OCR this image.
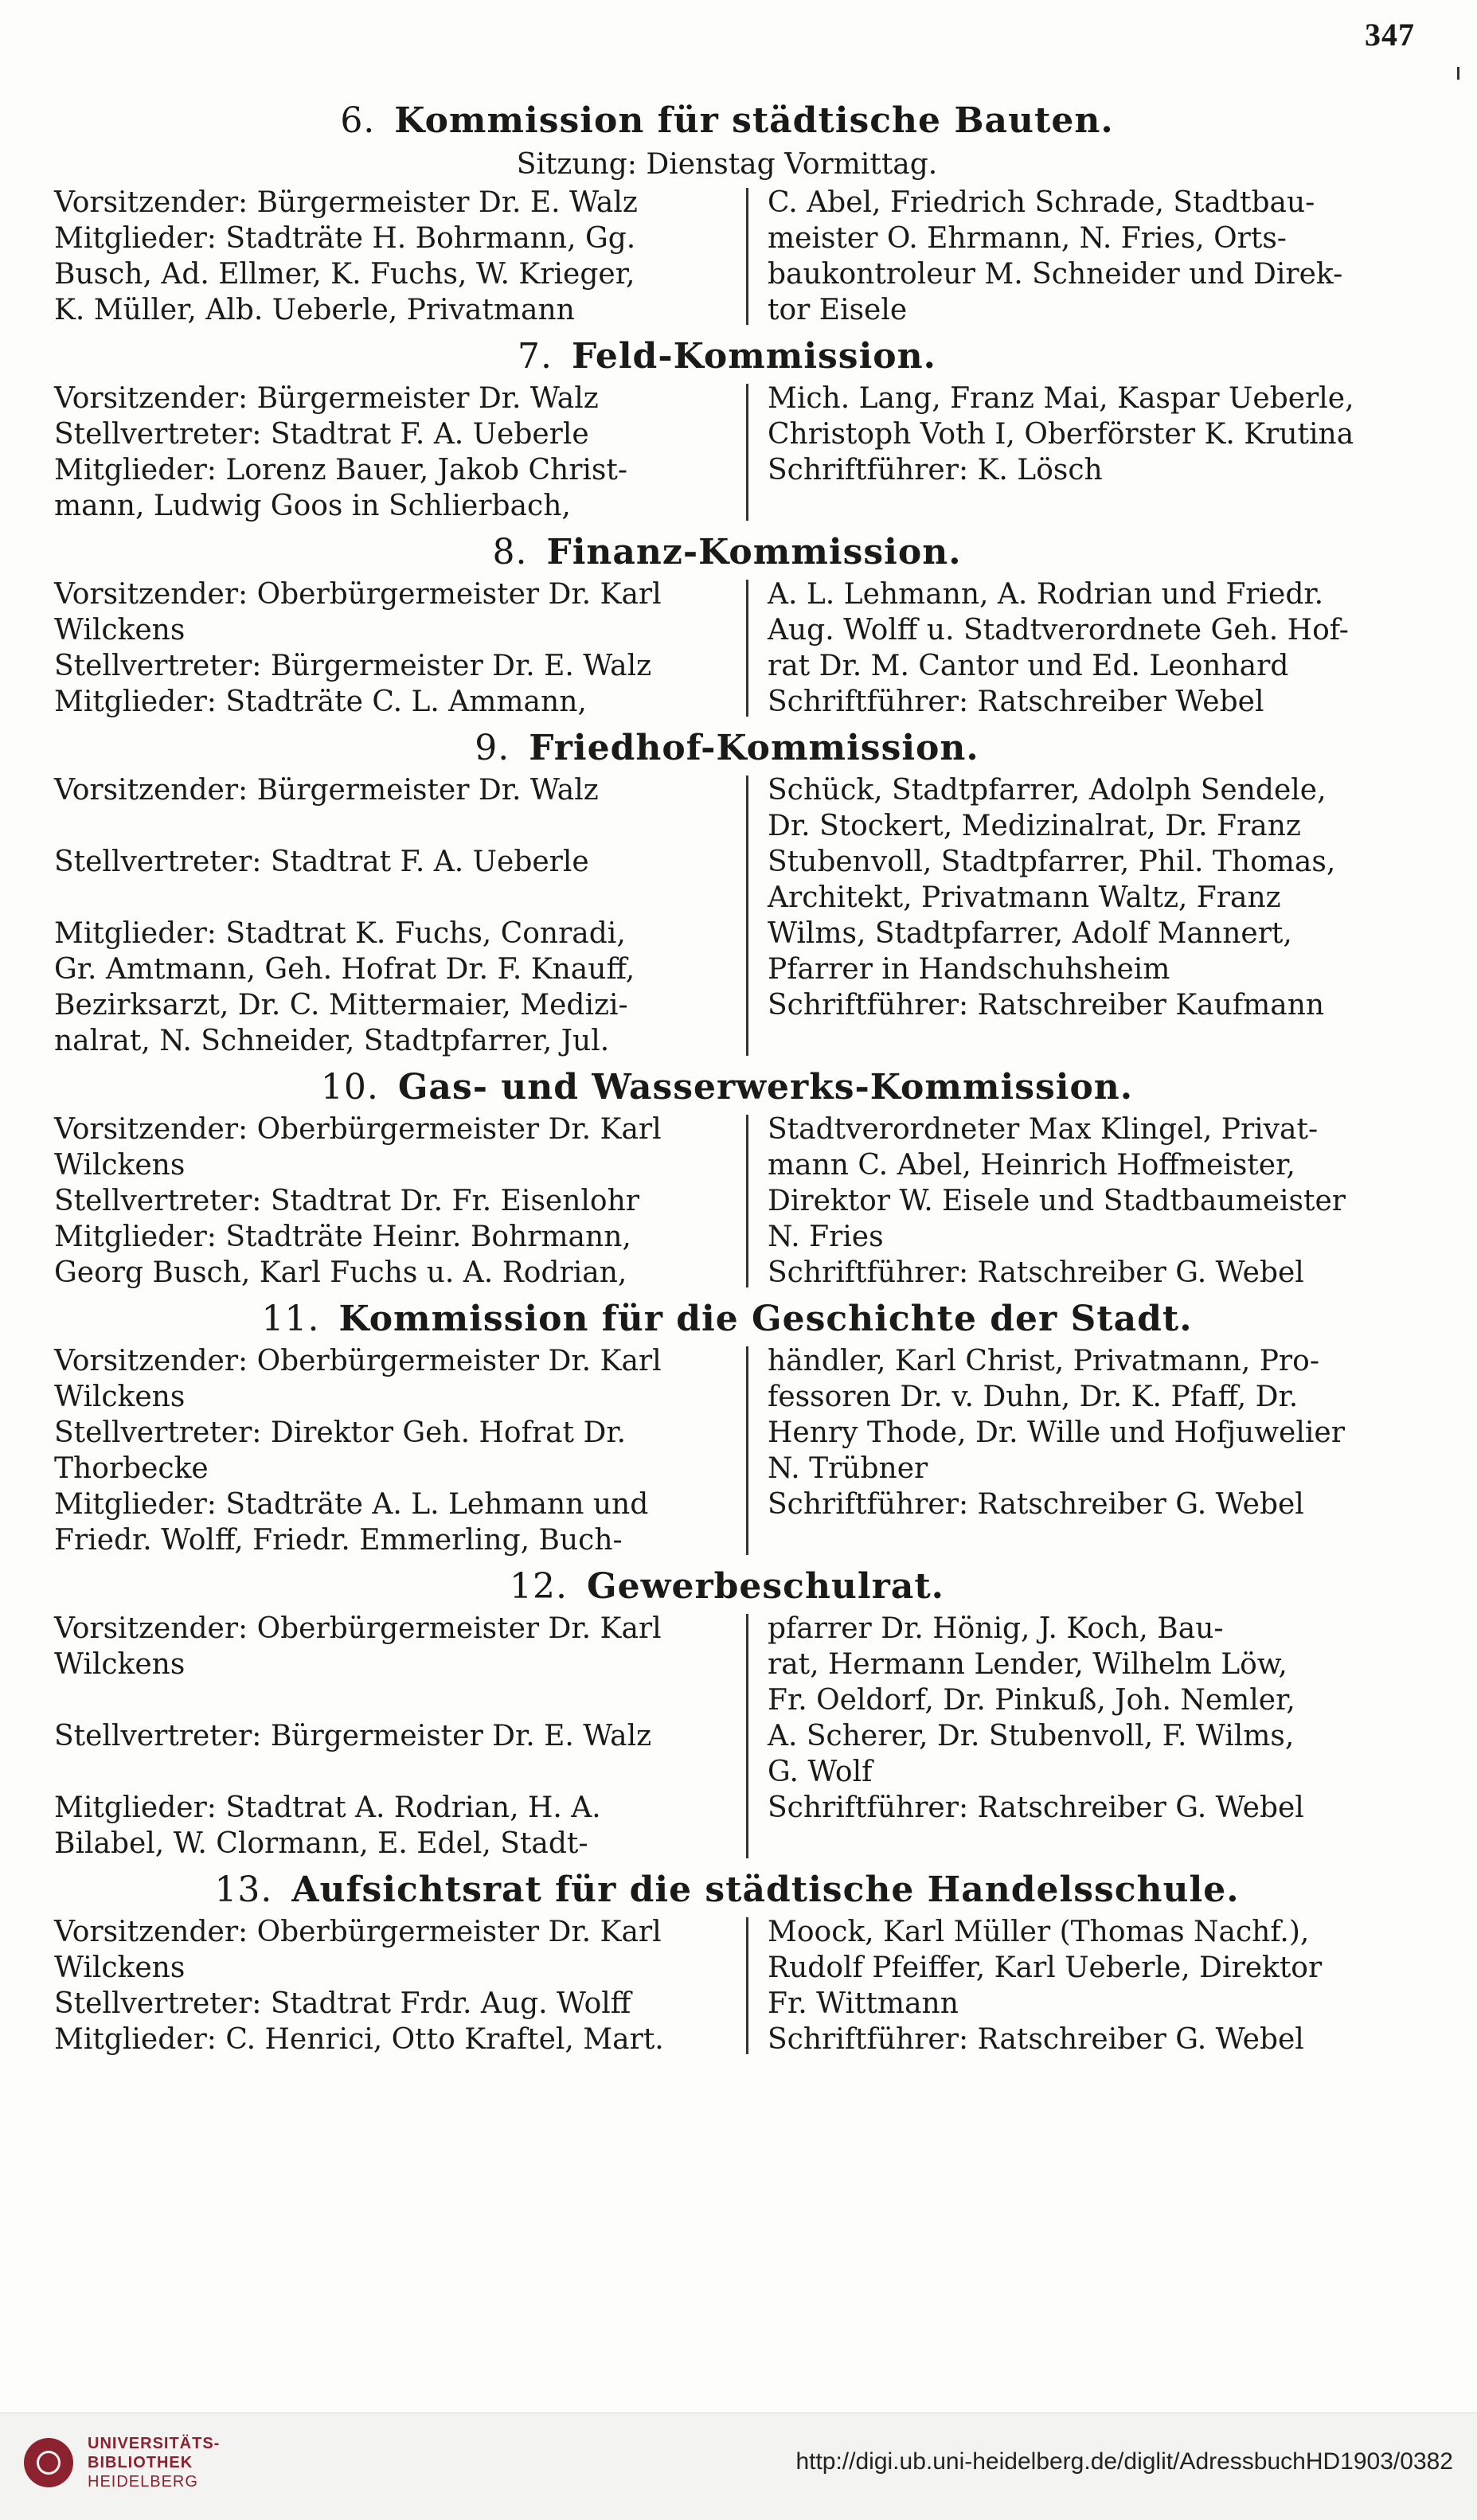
347
6. Kommission für städtische Bauten.
Sitzung: Dienstag Vormittag.
Vorsitzender: Bürgermeister Dr. E. Walz
Mitglieder: Stadträte H. Bohrmann, Gg.
Busch, Ad. Ellmer, K. Fuchs, W. Krieger,
K. Müller, Alb. Ueberle, Privatmann
C. Abel, Friedrich Schrade, Stadtbau-
meister O. Ehrmann, N. Fries, Orts-
baukontroleur M. Schneider und Direk-
tor Eisele
7. Feld-Kommission.
Vorsitzender: Bürgermeister Dr. Walz
Stellvertreter: Stadtrat F. A. Ueberle
Mitglieder: Lorenz Bauer, Jakob Christ-
mann, Ludwig Goos in Schlierbach,
Mich. Lang, Franz Mai, Kaspar Ueberle,
Christoph Voth I, Oberförster K. Krutina
Schriftführer: K. Lösch
8. Finanz-Kommission.
Vorsitzender: Oberbürgermeister Dr. Karl
Wilckens
Stellvertreter: Bürgermeister Dr. E. Walz
Mitglieder: Stadträte C. L. Ammann,
A. L. Lehmann, A. Rodrian und Friedr.
Aug. Wolff u. Stadtverordnete Geh. Hof-
rat Dr. M. Cantor und Ed. Leonhard
Schriftführer: Ratschreiber Webel
9. Friedhof-Kommission.
Vorsitzender: Bürgermeister Dr. Walz

Stellvertreter: Stadtrat F. A. Ueberle

Mitglieder: Stadtrat K. Fuchs, Conradi,
Gr. Amtmann, Geh. Hofrat Dr. F. Knauff,
Bezirksarzt, Dr. C. Mittermaier, Medizi-
nalrat, N. Schneider, Stadtpfarrer, Jul.
Schück, Stadtpfarrer, Adolph Sendele,
Dr. Stockert, Medizinalrat, Dr. Franz
Stubenvoll, Stadtpfarrer, Phil. Thomas,
Architekt, Privatmann Waltz, Franz
Wilms, Stadtpfarrer, Adolf Mannert,
Pfarrer in Handschuhsheim
Schriftführer: Ratschreiber Kaufmann
10. Gas- und Wasserwerks-Kommission.
Vorsitzender: Oberbürgermeister Dr. Karl
Wilckens
Stellvertreter: Stadtrat Dr. Fr. Eisenlohr
Mitglieder: Stadträte Heinr. Bohrmann,
Georg Busch, Karl Fuchs u. A. Rodrian,
Stadtverordneter Max Klingel, Privat-
mann C. Abel, Heinrich Hoffmeister,
Direktor W. Eisele und Stadtbaumeister
N. Fries
Schriftführer: Ratschreiber G. Webel
11. Kommission für die Geschichte der Stadt.
Vorsitzender: Oberbürgermeister Dr. Karl
Wilckens
Stellvertreter: Direktor Geh. Hofrat Dr.
Thorbecke
Mitglieder: Stadträte A. L. Lehmann und
Friedr. Wolff, Friedr. Emmerling, Buch-
händler, Karl Christ, Privatmann, Pro-
fessoren Dr. v. Duhn, Dr. K. Pfaff, Dr.
Henry Thode, Dr. Wille und Hofjuwelier
N. Trübner
Schriftführer: Ratschreiber G. Webel
12. Gewerbeschulrat.
Vorsitzender: Oberbürgermeister Dr. Karl
Wilckens

Stellvertreter: Bürgermeister Dr. E. Walz

Mitglieder: Stadtrat A. Rodrian, H. A.
Bilabel, W. Clormann, E. Edel, Stadt-
pfarrer Dr. Hönig, J. Koch, Bau-
rat, Hermann Lender, Wilhelm Löw,
Fr. Oeldorf, Dr. Pinkuß, Joh. Nemler,
A. Scherer, Dr. Stubenvoll, F. Wilms,
G. Wolf
Schriftführer: Ratschreiber G. Webel
13. Aufsichtsrat für die städtische Handelsschule.
Vorsitzender: Oberbürgermeister Dr. Karl
Wilckens
Stellvertreter: Stadtrat Frdr. Aug. Wolff
Mitglieder: C. Henrici, Otto Kraftel, Mart.
Moock, Karl Müller (Thomas Nachf.),
Rudolf Pfeiffer, Karl Ueberle, Direktor
Fr. Wittmann
Schriftführer: Ratschreiber G. Webel
UNIVERSITÄTS-
BIBLIOTHEK
HEIDELBERG
http://digi.ub.uni-heidelberg.de/diglit/AdressbuchHD1903/0382
